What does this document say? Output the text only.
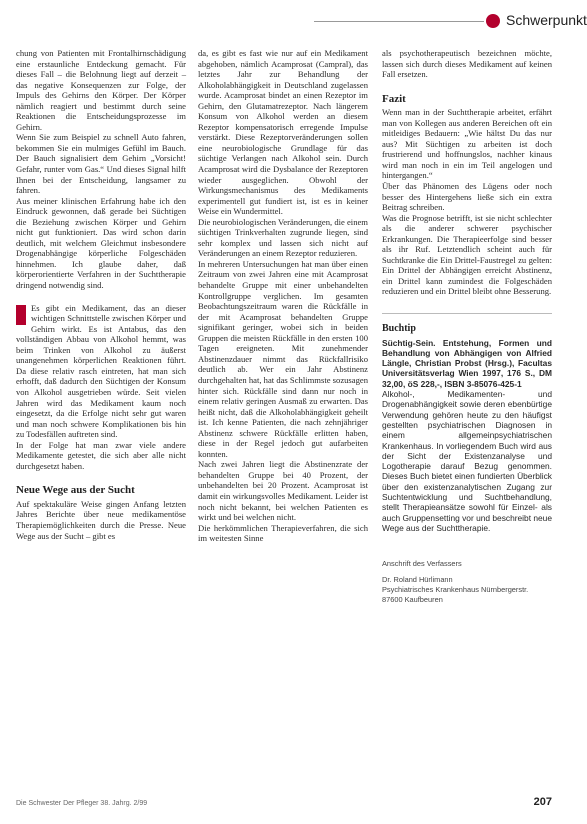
Schwerpunkt

chung von Patienten mit Frontalhirnschädigung eine erstaunliche Entdeckung gemacht. Für dieses Fall – die Belohnung liegt auf derzeit – das negative Konsequenzen zur Folge, der Impuls des Gehirns den Körper. Der Körper nämlich reagiert und bestimmt durch seine Reaktionen die Entscheidungsprozesse im Gehirn.

Wenn Sie zum Beispiel zu schnell Auto fahren, bekommen Sie ein mulmiges Gefühl im Bauch. Der Bauch signalisiert dem Gehirn „Vorsicht! Gefahr, runter vom Gas.“ Und dieses Signal hilft Ihnen bei der Entscheidung, langsamer zu fahren.

Aus meiner klinischen Erfahrung habe ich den Eindruck gewonnen, daß gerade bei Süchtigen die Beziehung zwischen Körper und Gehirn nicht gut funktioniert. Das wird schon darin deutlich, mit welchem Gleichmut insbesondere Drogenabhängige körperliche Folgeschäden hinnehmen. Ich glaube daher, daß körperorientierte Verfahren in der Suchttherapie dringend notwendig sind.

Es gibt ein Medikament, das an dieser wichtigen Schnittstelle zwischen Körper und Gehirn wirkt. Es ist Antabus, das den vollständigen Abbau von Alkohol hemmt, was beim Trinken von Alkohol zu äußerst unangenehmen körperlichen Reaktionen führt. Da diese relativ rasch eintreten, hat man sich erhofft, daß dadurch den Süchtigen der Konsum von Alkohol ausgetrieben würde. Seit vielen Jahren wird das Medikament kaum noch eingesetzt, da die Erfolge nicht sehr gut waren und man noch schwere Komplikationen bis hin zu Todesfällen auftreten sind.

In der Folge hat man zwar viele andere Medikamente getestet, die sich aber alle nicht durchgesetzt haben.

Neue Wege aus der Sucht

Auf spektakuläre Weise gingen Anfang letzten Jahres Berichte über neue medikamentöse Therapiemöglichkeiten durch die Presse. Neue Wege aus der Sucht – gibt es

da, es gibt es fast wie nur auf ein Medikament abgehoben, nämlich Acamprosat (Campral), das letztes Jahr zur Behandlung der Alkoholabhängigkeit in Deutschland zugelassen wurde. Acamprosat bindet an einen Rezeptor im Gehirn, den Glutamatrezeptor. Nach längerem Konsum von Alkohol werden an diesem Rezeptor kompensatorisch erregende Impulse verstärkt. Diese Rezeptorveränderungen sollen eine neurobiologische Grundlage für das süchtige Verlangen nach Alkohol sein. Durch Acamprosat wird die Dysbalance der Rezeptoren wieder ausgeglichen. Obwohl der Wirkungsmechanismus des Medikaments experimentell gut fundiert ist, ist es in keiner Weise ein Wundermittel.

Die neurobiologischen Veränderungen, die einem süchtigen Trinkverhalten zugrunde liegen, sind sehr komplex und lassen sich nicht auf Veränderungen an einem Rezeptor reduzieren.

In mehreren Untersuchungen hat man über einen Zeitraum von zwei Jahren eine mit Acamprosat behandelte Gruppe mit einer unbehandelten Kontrollgruppe verglichen. Im gesamten Beobachtungszeitraum waren die Rückfälle in der mit Acamprosat behandelten Gruppe signifikant geringer, wobei sich in beiden Gruppen die meisten Rückfälle in den ersten 100 Tagen ereigneten. Mit zunehmender Abstinenzdauer nimmt das Rückfallrisiko deutlich ab. Wer ein Jahr Abstinenz durchgehalten hat, hat das Schlimmste sozusagen hinter sich. Rückfälle sind dann nur noch in einem relativ geringen Ausmaß zu erwarten. Das heißt nicht, daß die Alkoholabhängigkeit geheilt ist. Ich kenne Patienten, die nach zehnjähriger Abstinenz schwere Rückfälle erlitten haben, diese in der Regel jedoch gut aufarbeiten konnten.

Nach zwei Jahren liegt die Abstinenzrate der behandelten Gruppe bei 40 Prozent, der unbehandelten bei 20 Prozent. Acamprosat ist damit ein wirkungsvolles Medikament. Leider ist noch nicht bekannt, bei welchen Patienten es wirkt und bei welchen nicht.

Die herkömmlichen Therapieverfahren, die sich im weitesten Sinne

als psychotherapeutisch bezeichnen möchte, lassen sich durch dieses Medikament auf keinen Fall ersetzen.

Fazit

Wenn man in der Suchttherapie arbeitet, erfährt man von Kollegen aus anderen Bereichen oft ein mitleidiges Bedauern: „Wie hältst Du das nur aus? Mit Süchtigen zu arbeiten ist doch frustrierend und hoffnungslos, nachher kinaus wird man noch in ein im Teil angelogen und hintergangen.“

Über das Phänomen des Lügens oder noch besser des Hintergehens ließe sich ein extra Beitrag schreiben.

Was die Prognose betrifft, ist sie nicht schlechter als die anderer schwerer psychischer Erkrankungen. Die Therapieerfolge sind besser als ihr Ruf. Letztendlich scheint auch für Suchtkranke die Ein Drittel-Faustregel zu gelten: Ein Drittel der Abhängigen erreicht Abstinenz, ein Drittel kann zumindest die Folgeschäden reduzieren und ein Drittel bleibt ohne Besserung.

Buchtip

Süchtig-Sein. Entstehung, Formen und Behandlung von Abhängigen von Alfried Längle, Christian Probst (Hrsg.), Facultas Universitätsverlag Wien 1997, 176 S., DM 32,00, öS 228,-, ISBN 3-85076-425-1

Alkohol-, Medikamenten- und Drogenabhängigkeit sowie deren ebenbürtige Verwendung gehören heute zu den häufigst gestellten psychiatrischen Diagnosen in einem allgemeinpsychiatrischen Krankenhaus. In vorliegendem Buch wird aus der Sicht der Existenzanalyse und Logotherapie darauf Bezug genommen. Dieses Buch bietet einen fundierten Überblick über den existenzanalytischen Zugang zur Suchtentwicklung und Suchtbehandlung, stellt Therapieansätze sowohl für Einzel- als auch Gruppensetting vor und beschreibt neue Wege aus der Suchttherapie.

Anschrift des Verfassers
Dr. Roland Hürlimann
Psychiatrisches Krankenhaus Nürnbergerstr.
87600 Kaufbeuren
Die Schwester Der Pfleger 38. Jahrg. 2/99	207
